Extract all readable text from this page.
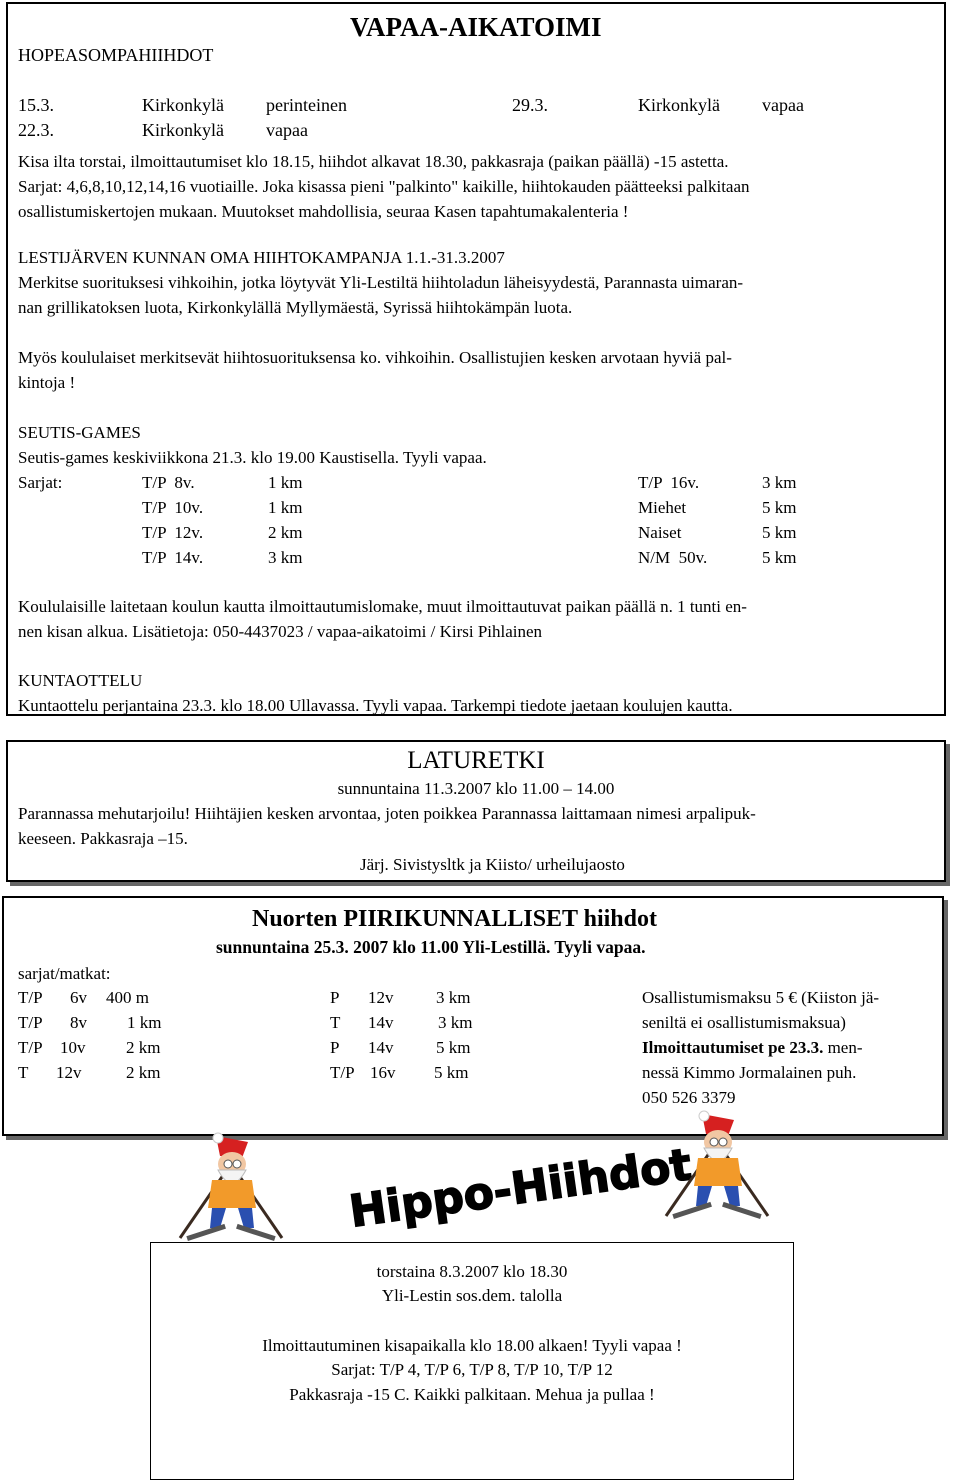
VAPAA-AIKATOIMI
HOPEASOMPAHIIHDOT
15.3.	Kirkonkylä perinteinen
22.3.	Kirkonkylä vapaa
29.3.	Kirkonkylä vapaa
Kisa ilta torstai, ilmoittautumiset klo 18.15, hiihdot alkavat 18.30, pakkasraja (paikan päällä) -15 astetta.
Sarjat: 4,6,8,10,12,14,16 vuotiaille. Joka kisassa pieni "palkinto" kaikille, hiihtokauden päätteeksi palkitaan
osallistumiskertojen mukaan. Muutokset mahdollisia, seuraa Kasen tapahtumakalenteria !
LESTIJÄRVEN KUNNAN OMA HIIHTOKAMPANJA 1.1.-31.3.2007
Merkitse suorituksesi vihkoihin, jotka löytyvät Yli-Lestiltä hiihtoladun läheisyydestä, Parannasta uimaran-
nan grillikatoksen luota, Kirkonkylällä Myllymäestä, Syrissä hiihtokämpän luota.
Myös koululaiset merkitsevät hiihtosuorituksensa ko. vihkoihin. Osallistujien kesken arvotaan hyviä pal-
kintoja !
SEUTIS-GAMES
Seutis-games keskiviikkona 21.3. klo 19.00 Kaustisella. Tyyli vapaa.
Sarjat:	T/P  8v.	1 km
T/P  10v.	1 km
T/P  12v.	2 km
T/P  14v.	3 km
T/P  16v.	3 km
Miehet	5 km
Naiset	5 km
N/M  50v.	5 km
Koululaisille laitetaan koulun kautta ilmoittautumislomake, muut ilmoittautuvat paikan päällä n. 1 tunti en-
nen kisan alkua. Lisätietoja: 050-4437023 / vapaa-aikatoimi / Kirsi Pihlainen
KUNTAOTTELU
Kuntaottelu perjantaina 23.3. klo 18.00 Ullavassa. Tyyli vapaa. Tarkempi tiedote jaetaan koulujen kautta.
LATURETKI
sunnuntaina 11.3.2007 klo 11.00 – 14.00
Parannassa mehutarjoilu! Hiihtäjien kesken arvontaa, joten poikkea Parannassa laittamaan nimesi arpalipuk-
keeseen. Pakkasraja –15.
Järj. Sivistysltk ja Kiisto/ urheilujaosto
Nuorten PIIRIKUNNALLISET hiihdot
sunnuntaina 25.3. 2007 klo 11.00 Yli-Lestillä. Tyyli vapaa.
sarjat/matkat:
T/P 6v 400 m
T/P 8v 1 km
T/P 10v 2 km
T 12v	2 km
P 12v	3 km
T 14v	3 km
P 14v	5 km
T/P 16v 5 km
Osallistumismaksu 5 € (Kiiston jä-
seniltä ei osallistumismaksua)
Ilmoittautumiset pe 23.3. men-
nessä Kimmo Jormalainen puh.
050 526 3379
Hippo-Hiihdot
torstaina 8.3.2007 klo 18.30
Yli-Lestin sos.dem. talolla
Ilmoittautuminen kisapaikalla klo 18.00 alkaen! Tyyli vapaa !
Sarjat: T/P 4, T/P 6, T/P 8, T/P 10, T/P 12
Pakkasraja -15 C. Kaikki palkitaan. Mehua ja pullaa !
